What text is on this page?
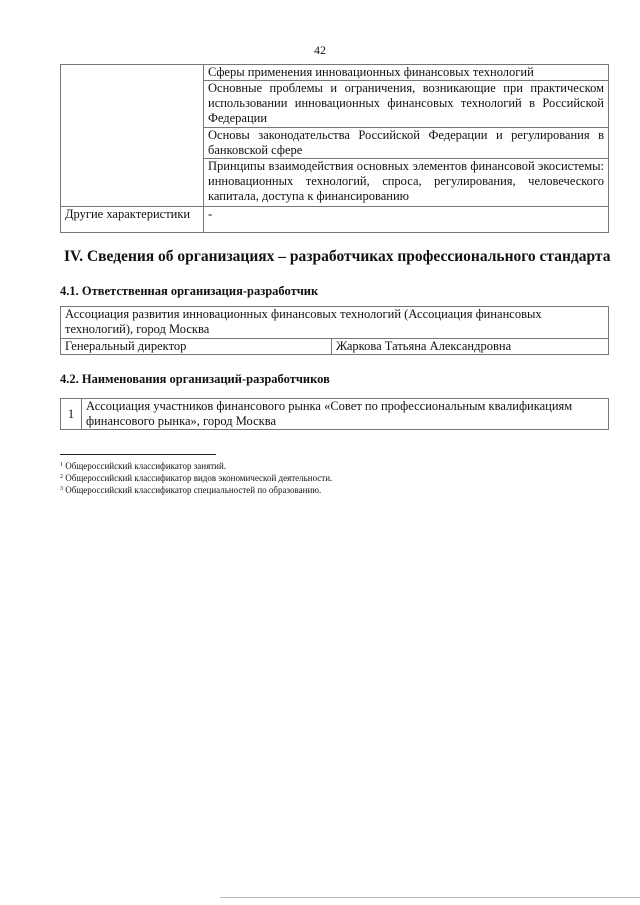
42
	Сферы применения инновационных финансовых технологий
	Основные проблемы и ограничения, возникающие при практическом использовании инновационных финансовых технологий в Российской Федерации
	Основы законодательства Российской Федерации и регулирования в банковской сфере
	Принципы взаимодействия основных элементов финансовой экосистемы: инновационных технологий, спроса, регулирования, человеческого капитала, доступа к финансированию
Другие характеристики	-
IV. Сведения об организациях – разработчиках профессионального стандарта
4.1. Ответственная организация-разработчик
Ассоциация развития инновационных финансовых технологий (Ассоциация финансовых технологий), город Москва
Генеральный директор	Жаркова Татьяна Александровна
4.2. Наименования организаций-разработчиков
1	Ассоциация участников финансового рынка «Совет по профессиональным квалификациям финансового рынка», город Москва
$^1$ Общероссийский классификатор занятий.
$^2$ Общероссийский классификатор видов экономической деятельности.
$^3$ Общероссийский классификатор специальностей по образованию.
